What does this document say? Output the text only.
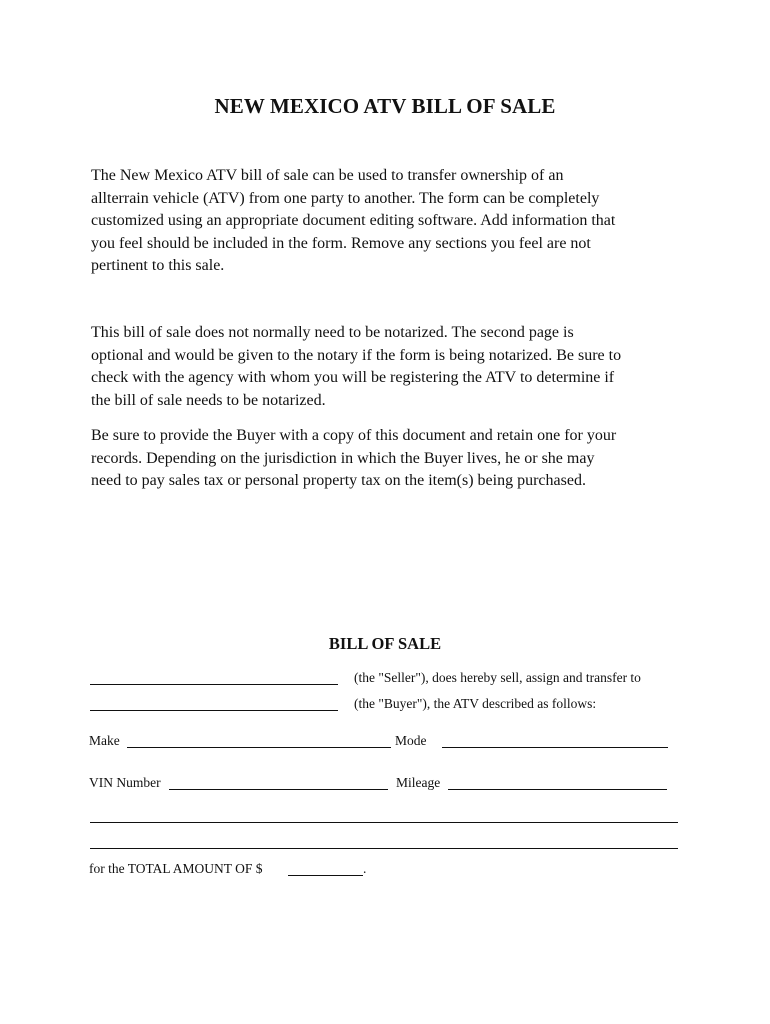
NEW MEXICO ATV BILL OF SALE
The New Mexico ATV bill of sale can be used to transfer ownership of an
allterrain vehicle (ATV) from one party to another. The form can be completely
customized using an appropriate document editing software. Add information that
you feel should be included in the form. Remove any sections you feel are not
pertinent to this sale.
This bill of sale does not normally need to be notarized. The second page is
optional and would be given to the notary if the form is being notarized. Be sure to
check with the agency with whom you will be registering the ATV to determine if
the bill of sale needs to be notarized.
Be sure to provide the Buyer with a copy of this document and retain one for your
records. Depending on the jurisdiction in which the Buyer lives, he or she may
need to pay sales tax or personal property tax on the item(s) being purchased.
BILL OF SALE
(the "Seller"), does hereby sell, assign and transfer to
(the "Buyer"), the ATV described as follows:
Make	Mode
VIN Number	Mileage
for the TOTAL AMOUNT OF $	.
